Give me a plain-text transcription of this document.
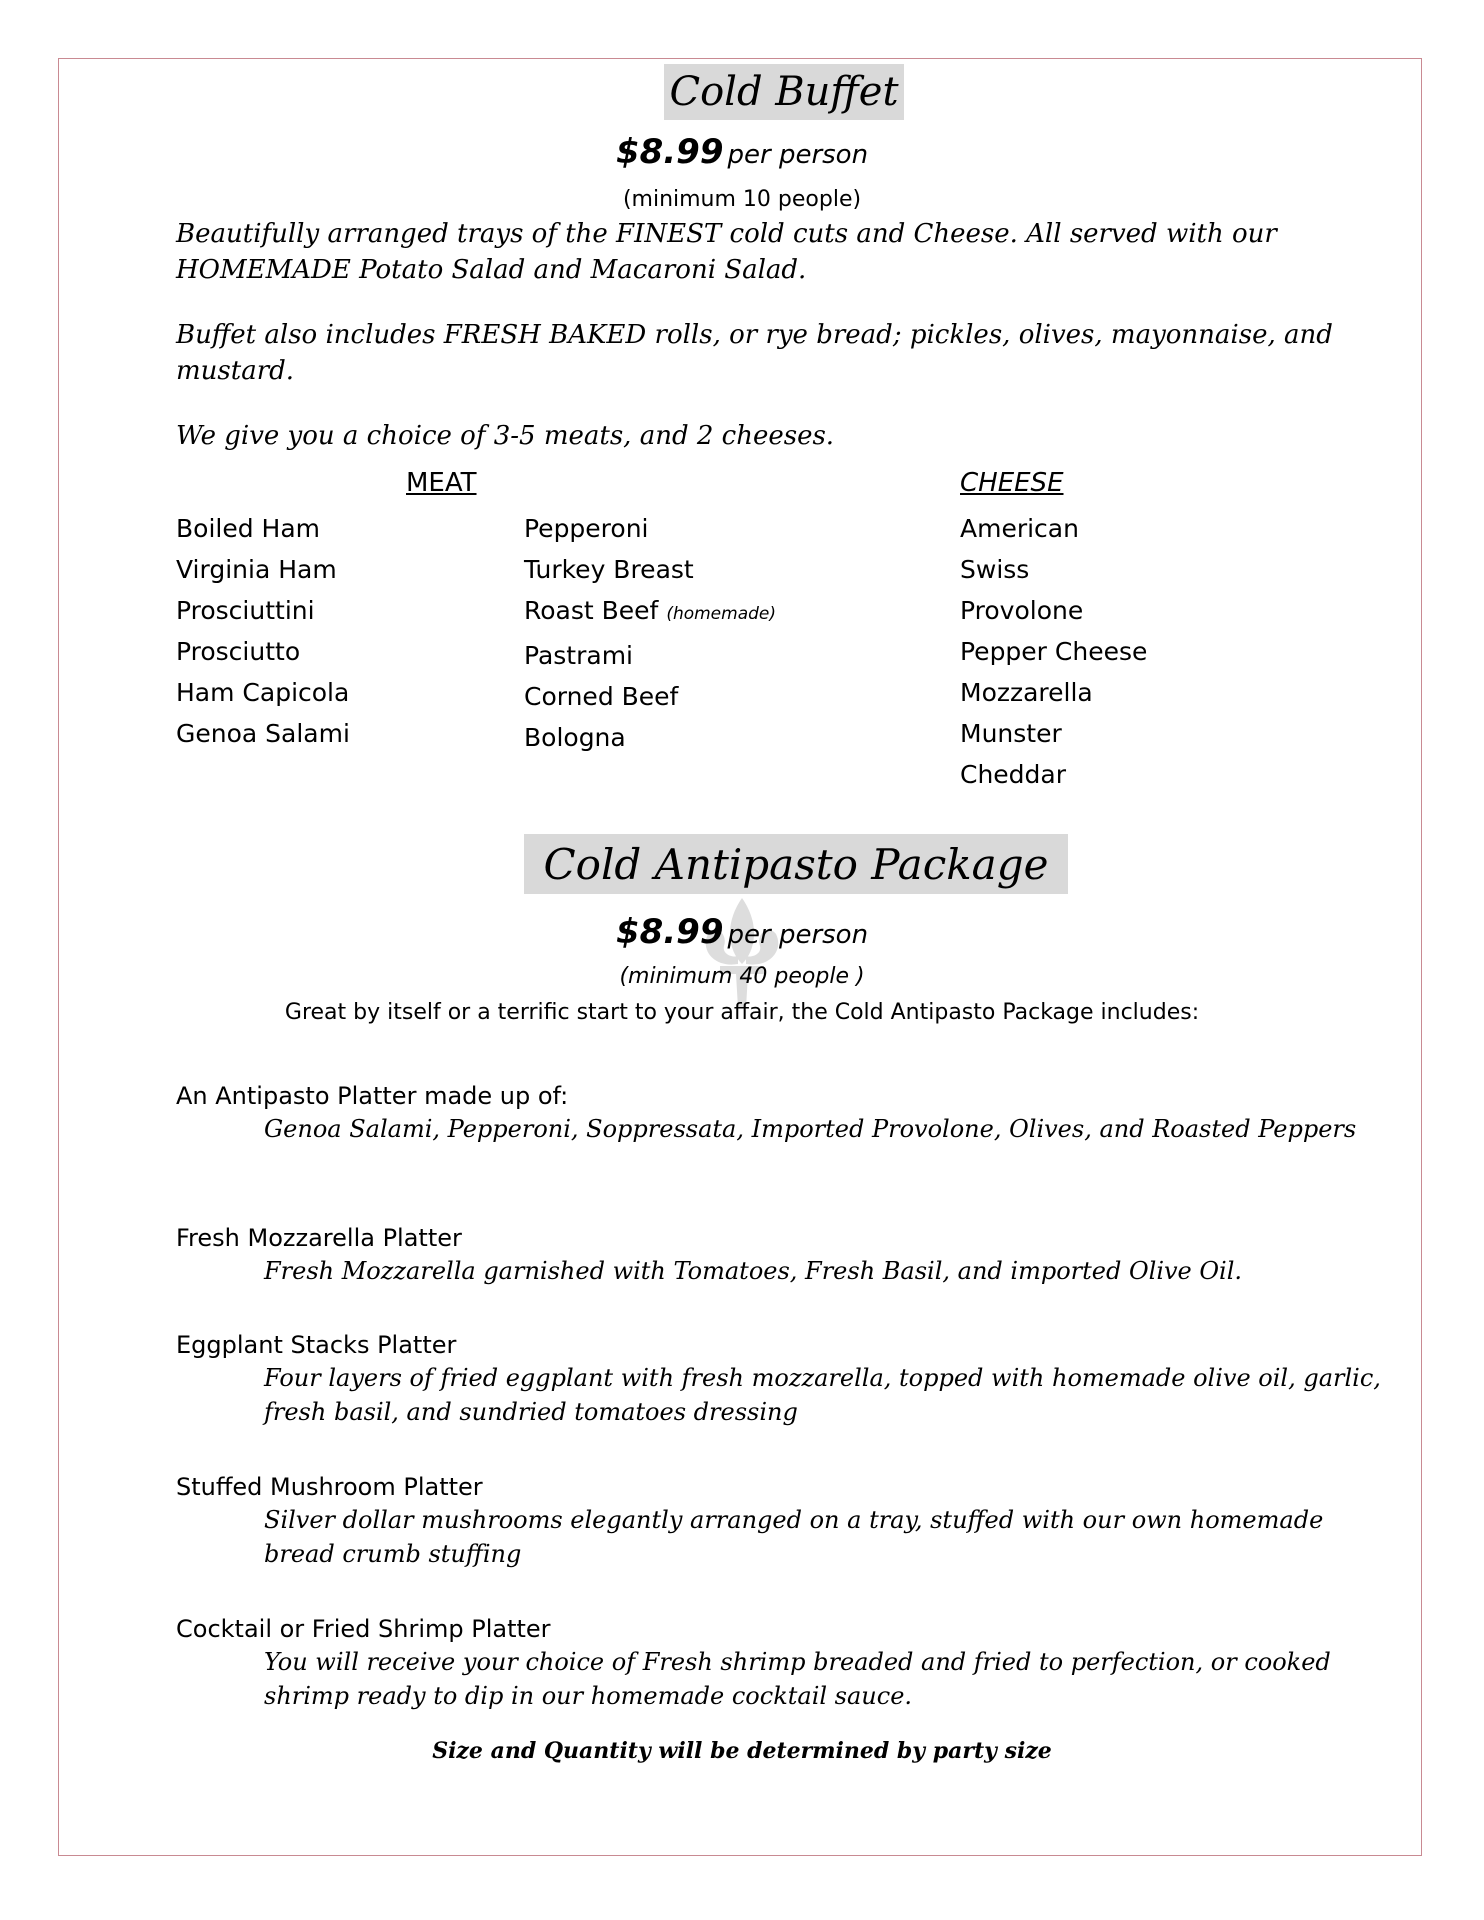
Cold Buffet
$8.99 per person
(minimum 10 people)
Beautifully arranged trays of the FINEST cold cuts and Cheese. All served with our HOMEMADE Potato Salad and Macaroni Salad.
Buffet also includes FRESH BAKED rolls, or rye bread; pickles, olives, mayonnaise, and mustard.
We give you a choice of 3-5 meats, and 2 cheeses.
MEAT	CHEESE
Boiled Ham
Virginia Ham
Prosciuttini
Prosciutto
Ham Capicola
Genoa Salami
Pepperoni
Turkey Breast
Roast Beef (homemade)
Pastrami
Corned Beef
Bologna
American
Swiss
Provolone
Pepper Cheese
Mozzarella
Munster
Cheddar
Cold Antipasto Package
$8.99 per person
(minimum 40 people )
Great by itself or a terrific start to your affair, the Cold Antipasto Package includes:
An Antipasto Platter made up of:
Genoa Salami, Pepperoni, Soppressata, Imported Provolone, Olives, and Roasted Peppers
Fresh Mozzarella Platter
Fresh Mozzarella garnished with Tomatoes, Fresh Basil, and imported Olive Oil.
Eggplant Stacks Platter
Four layers of fried eggplant with fresh mozzarella, topped with homemade olive oil, garlic, fresh basil, and sundried tomatoes dressing
Stuffed Mushroom Platter
Silver dollar mushrooms elegantly arranged on a tray, stuffed with our own homemade bread crumb stuffing
Cocktail or Fried Shrimp Platter
You will receive your choice of Fresh shrimp breaded and fried to perfection, or cooked shrimp ready to dip in our homemade cocktail sauce.
Size and Quantity will be determined by party size
